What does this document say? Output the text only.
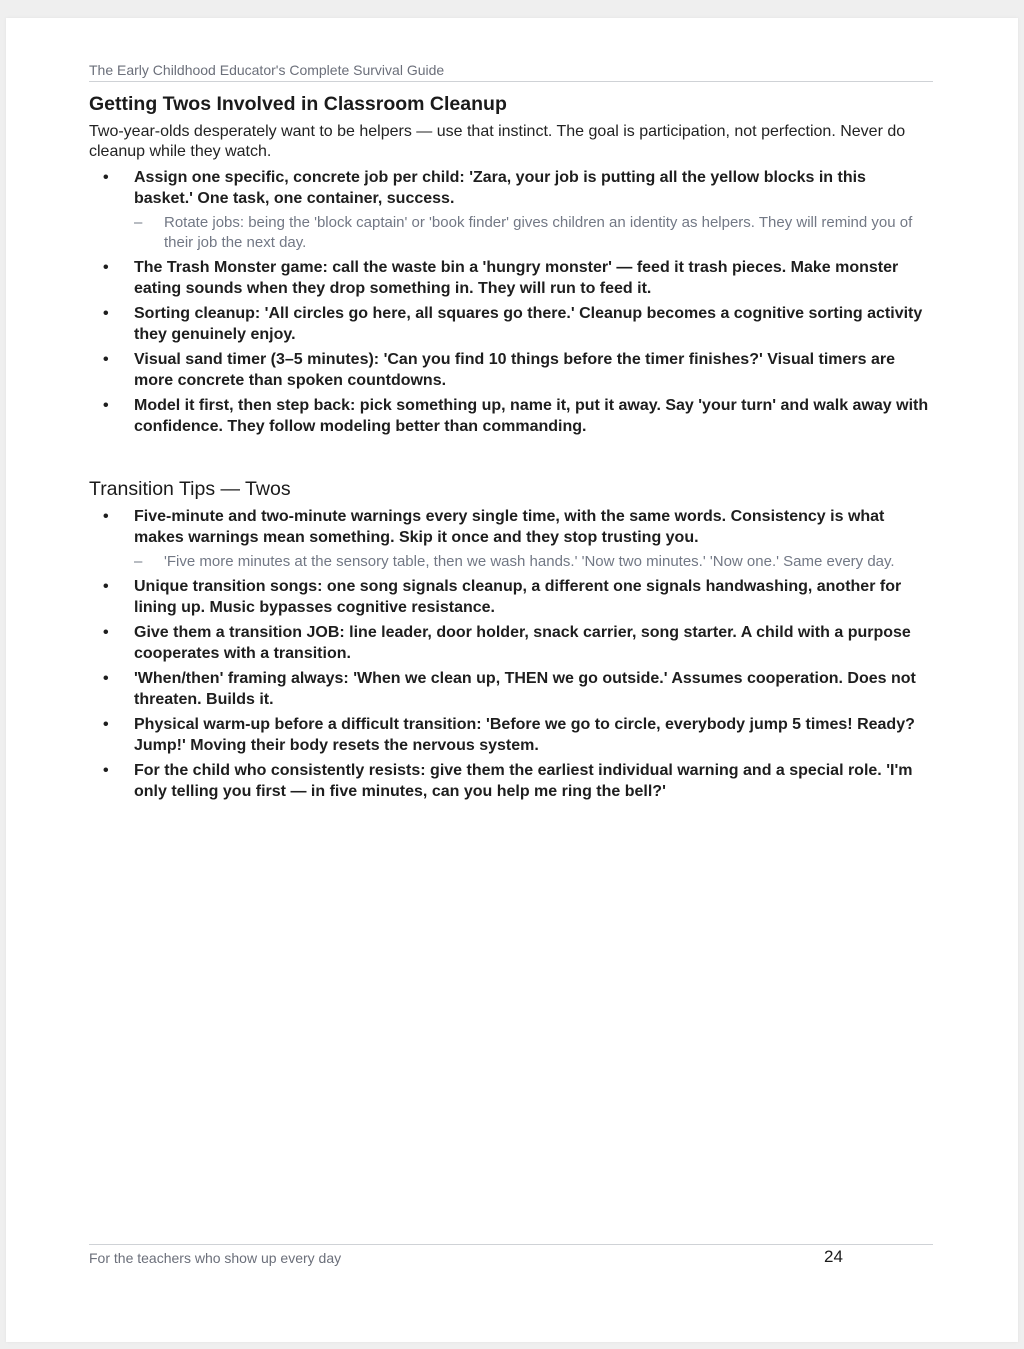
The Early Childhood Educator's Complete Survival Guide
Getting Twos Involved in Classroom Cleanup

Two-year-olds desperately want to be helpers — use that instinct. The goal is participation, not perfection. Never do cleanup while they watch.

• Assign one specific, concrete job per child: 'Zara, your job is putting all the yellow blocks in this basket.' One task, one container, success.
– Rotate jobs: being the 'block captain' or 'book finder' gives children an identity as helpers. They will remind you of their job the next day.
• The Trash Monster game: call the waste bin a 'hungry monster' — feed it trash pieces. Make monster eating sounds when they drop something in. They will run to feed it.
• Sorting cleanup: 'All circles go here, all squares go there.' Cleanup becomes a cognitive sorting activity they genuinely enjoy.
• Visual sand timer (3–5 minutes): 'Can you find 10 things before the timer finishes?' Visual timers are more concrete than spoken countdowns.
• Model it first, then step back: pick something up, name it, put it away. Say 'your turn' and walk away with confidence. They follow modeling better than commanding.
Transition Tips — Twos
• Five-minute and two-minute warnings every single time, with the same words. Consistency is what makes warnings mean something. Skip it once and they stop trusting you.
– 'Five more minutes at the sensory table, then we wash hands.' 'Now two minutes.' 'Now one.' Same every day.
• Unique transition songs: one song signals cleanup, a different one signals handwashing, another for lining up. Music bypasses cognitive resistance.
• Give them a transition JOB: line leader, door holder, snack carrier, song starter. A child with a purpose cooperates with a transition.
• 'When/then' framing always: 'When we clean up, THEN we go outside.' Assumes cooperation. Does not threaten. Builds it.
• Physical warm-up before a difficult transition: 'Before we go to circle, everybody jump 5 times! Ready? Jump!' Moving their body resets the nervous system.
• For the child who consistently resists: give them the earliest individual warning and a special role. 'I'm only telling you first — in five minutes, can you help me ring the bell?'
For the teachers who show up every day	24
